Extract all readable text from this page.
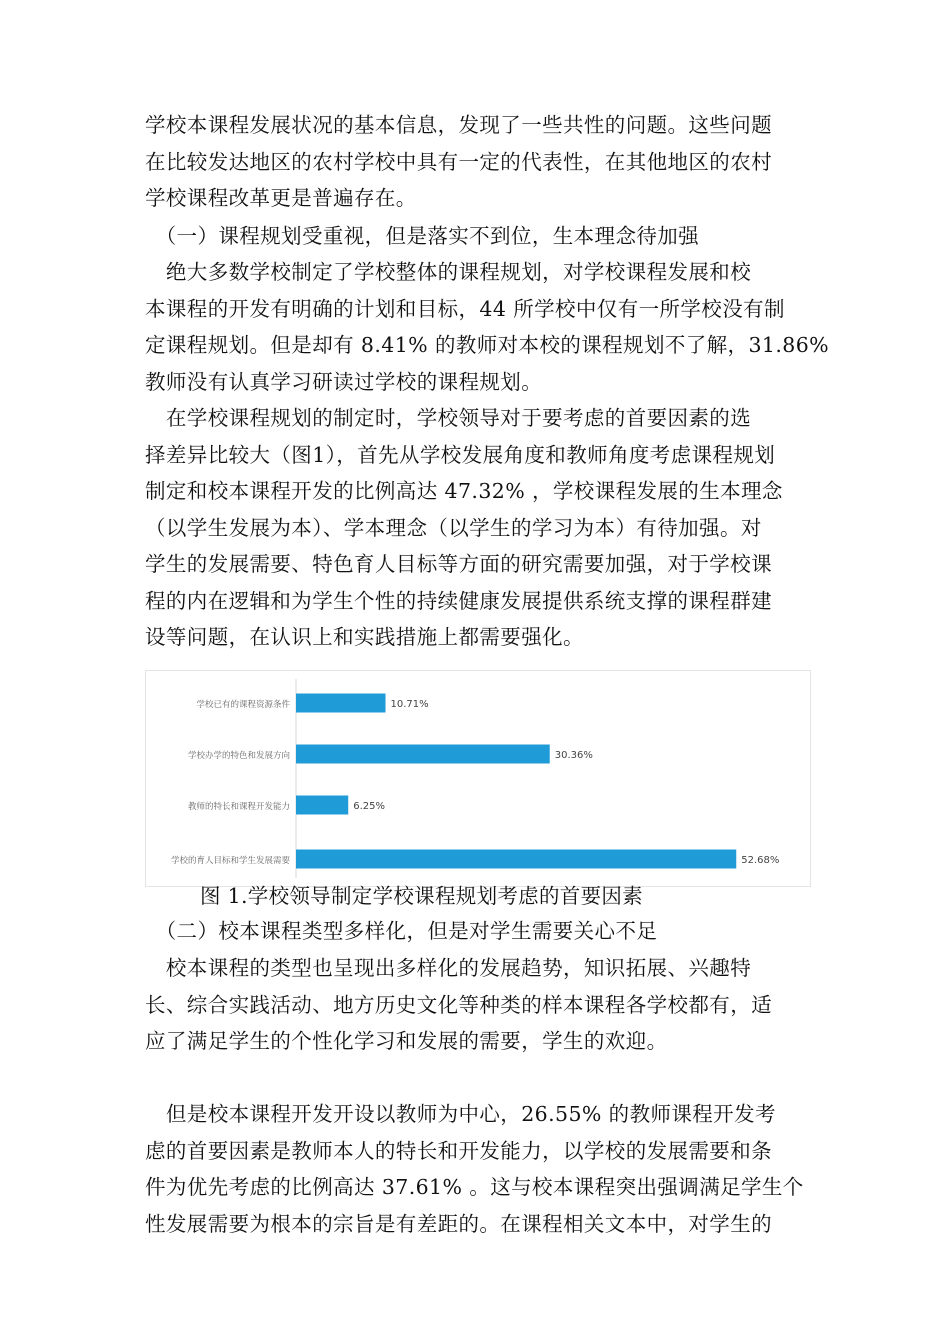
学校本课程发展状况的基本信息，发现了一些共性的问题。这些问题
在比较发达地区的农村学校中具有一定的代表性，在其他地区的农村
学校课程改革更是普遍存在。

　（一）课程规划受重视，但是落实不到位，生本理念待加强

　绝大多数学校制定了学校整体的课程规划，对学校课程发展和校
本课程的开发有明确的计划和目标，44 所学校中仅有一所学校没有制
定课程规划。但是却有 8.41% 的教师对本校的课程规划不了解，31.86%
教师没有认真学习研读过学校的课程规划。

　在学校课程规划的制定时，学校领导对于要考虑的首要因素的选
择差异比较大（图1），首先从学校发展角度和教师角度考虑课程规划
制定和校本课程开发的比例高达 47.32% ，学校课程发展的生本理念
（以学生发展为本）、学本理念（以学生的学习为本）有待加强。对
学生的发展需要、特色育人目标等方面的研究需要加强，对于学校课
程的内在逻辑和为学生个性的持续健康发展提供系统支撑的课程群建
设等问题，在认识上和实践措施上都需要强化。

学校已有的课程资源条件	10.71%
学校办学的特色和发展方向	30.36%
教师的特长和课程开发能力	6.25%
学校的育人目标和学生发展需要	52.68%
图 1.学校领导制定学校课程规划考虑的首要因素

　（二）校本课程类型多样化，但是对学生需要关心不足

　校本课程的类型也呈现出多样化的发展趋势，知识拓展、兴趣特
长、综合实践活动、地方历史文化等种类的样本课程各学校都有，适
应了满足学生的个性化学习和发展的需要，学生的欢迎。

　但是校本课程开发开设以教师为中心，26.55% 的教师课程开发考
虑的首要因素是教师本人的特长和开发能力，以学校的发展需要和条
件为优先考虑的比例高达 37.61% 。这与校本课程突出强调满足学生个
性发展需要为根本的宗旨是有差距的。在课程相关文本中，对学生的
